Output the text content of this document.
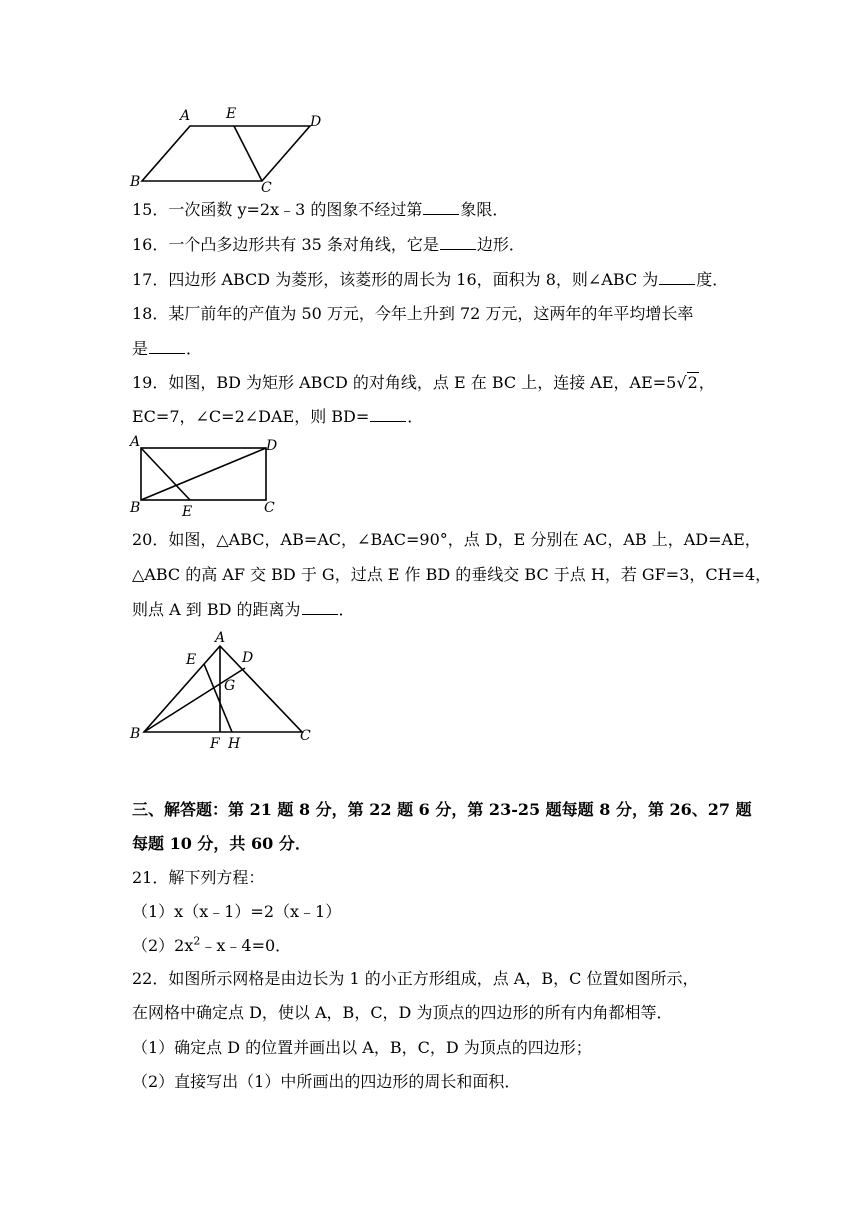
A	E	D
B	C
15．一次函数 y=2x﹣3 的图象不经过第 象限．
16．一个凸多边形共有 35 条对角线，它是 边形．
17．四边形 ABCD 为菱形，该菱形的周长为 16，面积为 8，则∠ABC 为 度．
18．某厂前年的产值为 50 万元，今年上升到 72 万元，这两年的年平均增长率
是 ．
19．如图，BD 为矩形 ABCD 的对角线，点 E 在 BC 上，连接 AE，AE=5√2，
EC=7，∠C=2∠DAE，则 BD= ．
A	D
B	E	C
20．如图，△ABC，AB=AC，∠BAC=90°，点 D，E 分别在 AC，AB 上，AD=AE，
△ABC 的高 AF 交 BD 于 G，过点 E 作 BD 的垂线交 BC 于点 H，若 GF=3，CH=4，
则点 A 到 BD 的距离为 ．
A
E	D
G
B
F H	C
三、解答题：第 21 题 8 分，第 22 题 6 分，第 23-25 题每题 8 分，第 26、27 题
每题 10 分，共 60 分．
21．解下列方程：
（1）x（x﹣1）=2（x﹣1）
$(2)2x^2﹣x﹣4=0$．
22．如图所示网格是由边长为 1 的小正方形组成，点 A，B，C 位置如图所示，
在网格中确定点 D，使以 A，B，C，D 为顶点的四边形的所有内角都相等．
（1）确定点 D 的位置并画出以 A，B，C，D 为顶点的四边形；
（2）直接写出（1）中所画出的四边形的周长和面积．
